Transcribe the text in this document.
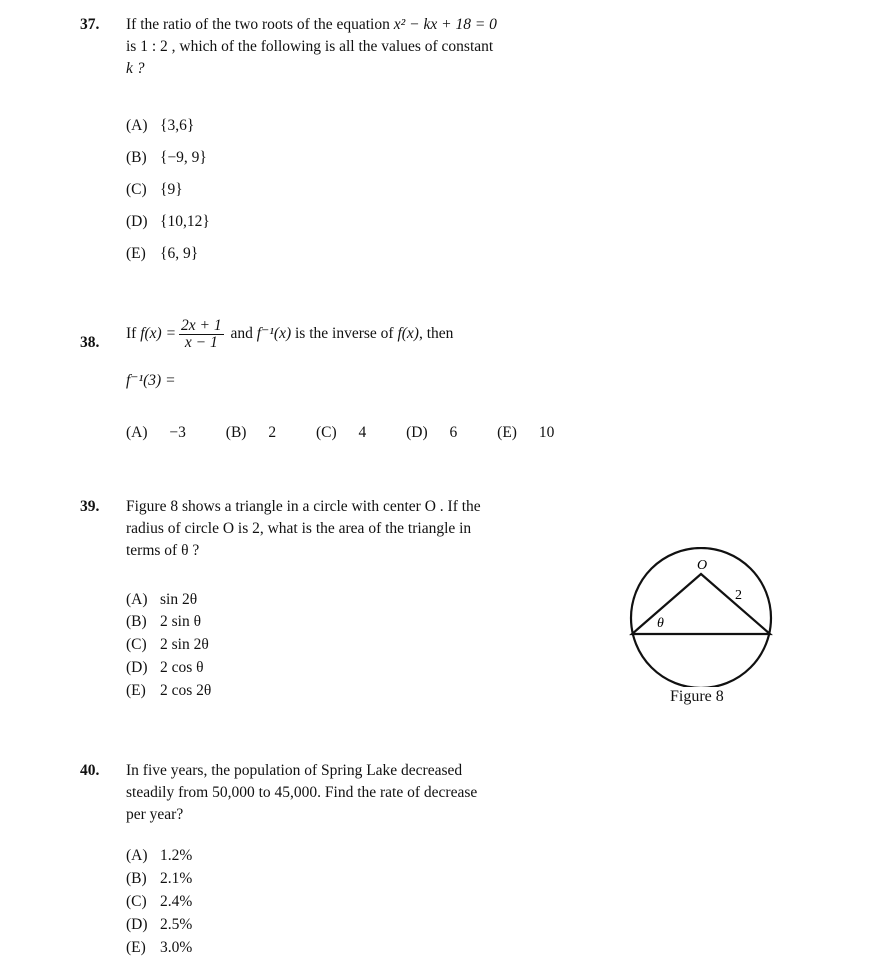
37. If the ratio of the two roots of the equation x² − kx + 18 = 0
is 1 : 2 , which of the following is all the values of constant
k ?
(A) {3,6}
(B) {−9, 9}
(C) {9}
(D) {10,12}
(E) {6, 9}
38.
If $f(x) = \frac{2x + 1}{x - 1}$ and f⁻¹(x) is the inverse of f(x), then
f⁻¹(3) =
(A) −3	(B) 2	(C) 4	(D) 6	(E) 10
39. Figure 8 shows a triangle in a circle with center O . If the
radius of circle O is 2, what is the area of the triangle in
terms of θ ?
(A) sin 2θ
(B) 2 sin θ
(C) 2 sin 2θ
(D) 2 cos θ
(E) 2 cos 2θ
O
2
θ
Figure 8
40. In five years, the population of Spring Lake decreased
steadily from 50,000 to 45,000. Find the rate of decrease
per year?
(A) 1.2%
(B) 2.1%
(C) 2.4%
(D) 2.5%
(E) 3.0%
